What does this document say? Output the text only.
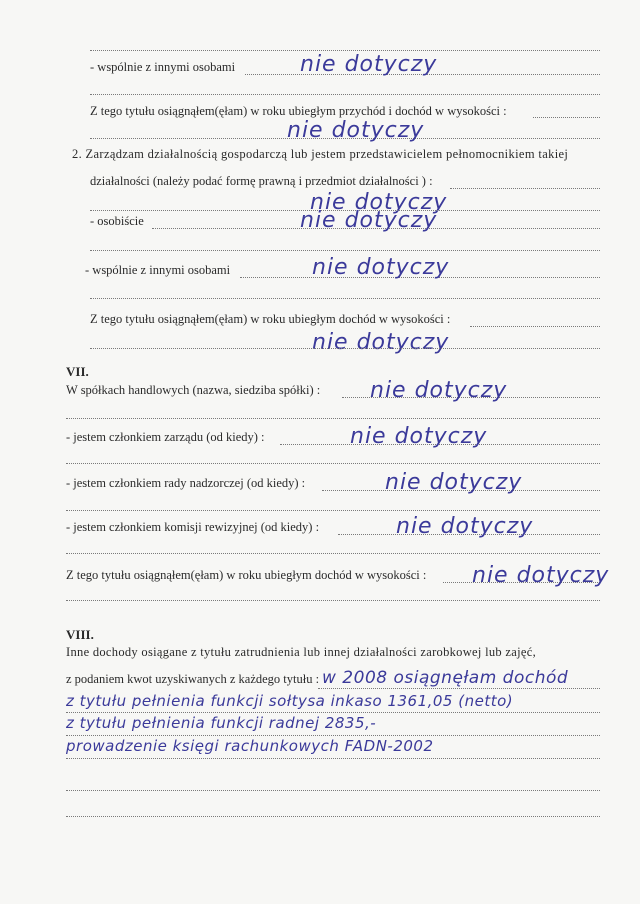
- wspólnie z innymi osobami	nie dotyczy
Z tego tytułu osiągnąłem(ęłam) w roku ubiegłym przychód i dochód w wysokości :
nie dotyczy
2. Zarządzam działalnością gospodarczą lub jestem przedstawicielem pełnomocnikiem takiej
działalności (należy podać formę prawną i przedmiot działalności ) :
nie dotyczy
- osobiście	nie dotyczy
- wspólnie z innymi osobami	nie dotyczy
Z tego tytułu osiągnąłem(ęłam) w roku ubiegłym dochód w wysokości :
nie dotyczy
VII.
W spółkach handlowych (nazwa, siedziba spółki) : nie dotyczy
- jestem członkiem zarządu (od kiedy) :	nie dotyczy
- jestem członkiem rady nadzorczej (od kiedy) :	nie dotyczy
- jestem członkiem komisji rewizyjnej (od kiedy) :	nie dotyczy
Z tego tytułu osiągnąłem(ęłam) w roku ubiegłym dochód w wysokości : nie dotyczy
VIII.
Inne dochody osiągane z tytułu zatrudnienia lub innej działalności zarobkowej lub zajęć,
z podaniem kwot uzyskiwanych z każdego tytułu : w 2008 osiągnęłam dochód
z tytułu pełnienia funkcji sołtysa inkaso 1361,05 (netto)
z tytułu pełnienia funkcji radnej 2835,-
prowadzenie księgi rachunkowych FADN-2002
